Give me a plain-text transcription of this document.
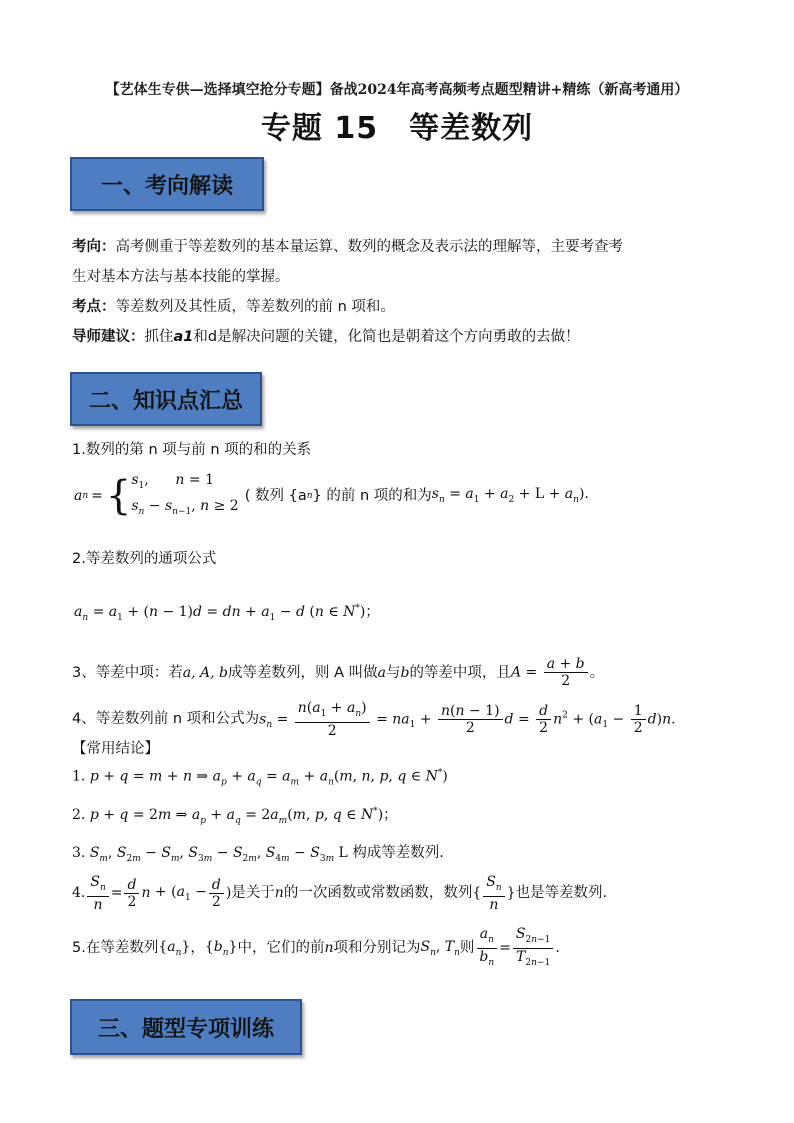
【艺体生专供—选择填空抢分专题】备战2024年高考高频考点题型精讲+精练（新高考通用）
专题 15　等差数列
一、考向解读
考向：高考侧重于等差数列的基本量运算、数列的概念及表示法的理解等，主要考查考
生对基本方法与基本技能的掌握。
考点：等差数列及其性质，等差数列的前 n 项和。
导师建议：抓住a1和d是解决问题的关键，化简也是朝着这个方向勇敢的去做！
二、知识点汇总
1.数列的第 n 项与前 n 项的和的关系
a n = { $s_1$,      n = 1
$s_n - s_{n-1}$, n ≥ 2
( 数列 {a n } 的前 n 项的和为 $s_n = a_1 + a_2 + L + a_n$).
2.等差数列的通项公式
$a_n = a_1 + (n - 1)d$ = dn + $a_1 - d$ (n ∈ N*)；
3、等差中项：若 a, A, b 成等差数列，则 A 叫做 a 与 b 的等差中项，且 $A = \frac{a + b}{2}$ 。
4、等差数列前 n 项和公式为 $s_n = \frac{n(a_1 + a_n)}{2} = na_1 + \frac{n(n - 1)}{2}$ $d = \frac{d}{2} n^2 + (a_1 - \frac{1}{2} d)n$.
【常用结论】
1. p + q = m + n ⇒ $a_p + a_q = a_m + a_n(m$, n, p, q ∈ N*)
2. p + q = 2m ⇒ $a_p + a_q = 2a_m(m$, p, q ∈ N*)；
3. $S_m$, $S_{2m} - S_m$, $S_{3m} - S_{2m}$, $S_{4m} - S_{3m}$ L 构成等差数列.
4. $\frac{S_n}{n} = \frac{d}{2}$ $n + (a_1 - \frac{d}{2}$ ) 是关于 n 的一次函数或常数函数，数列 { $\frac{S_n}{n}$ } 也是等差数列.
5.在等差数列 $\{a_n\}$ ， $\{b_n\}$ 中，它们的前 n 项和分别记为 $S_n$, $T_n$ 则 $\frac{a_n}{b_n} = \frac{S_{2n-1}}{T_{2n-1}}$ .
三、题型专项训练
